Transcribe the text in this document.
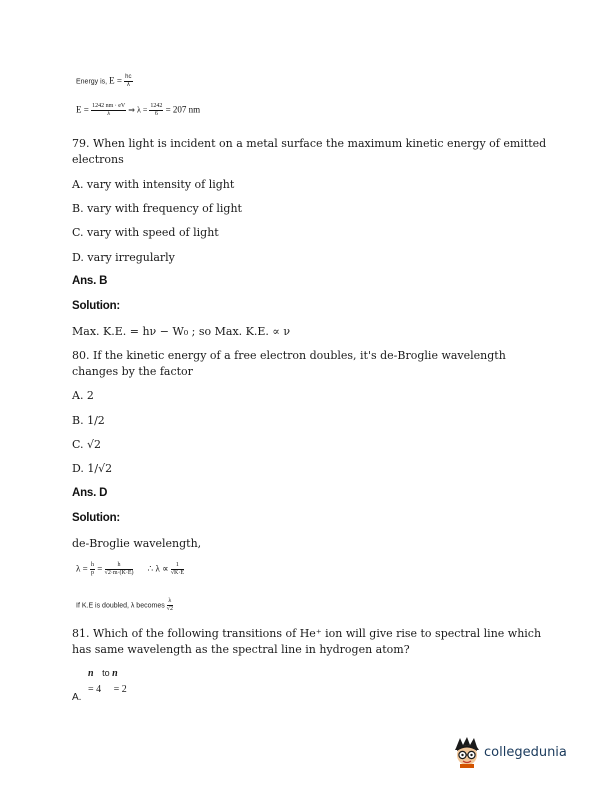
Energy is, $E = \frac{hc}{\lambda}$
$E = \frac{1242 nm \cdot eV}{\lambda}$ ⇒ $\lambda = \frac{1242}{6} = 207$ nm
79. When light is incident on a metal surface the maximum kinetic energy of emitted
electrons
A. vary with intensity of light
B. vary with frequency of light
C. vary with speed of light
D. vary irregularly
Ans. B
Solution:
Max. K.E. = hν − W₀ ; so Max. K.E. ∝ ν
80. If the kinetic energy of a free electron doubles, it's de-Broglie wavelength
changes by the factor
A. 2
B. 1/2
C. √2
D. 1/√2
Ans. D
Solution:
de-Broglie wavelength,
$\lambda = \frac{h}{p} = \frac{h}{√2\cdot m\cdot(K\cdot E)}$ ∴ $\lambda \propto \frac{1}{√K\cdot E}$
If K.E is doubled, λ becomes $\frac{\lambda}{√2}$
81. Which of the following transitions of He⁺ ion will give rise to spectral line which
has same wavelength as the spectral line in hydrogen atom?
n to n
= 4 = 2
A.
collegedunia
